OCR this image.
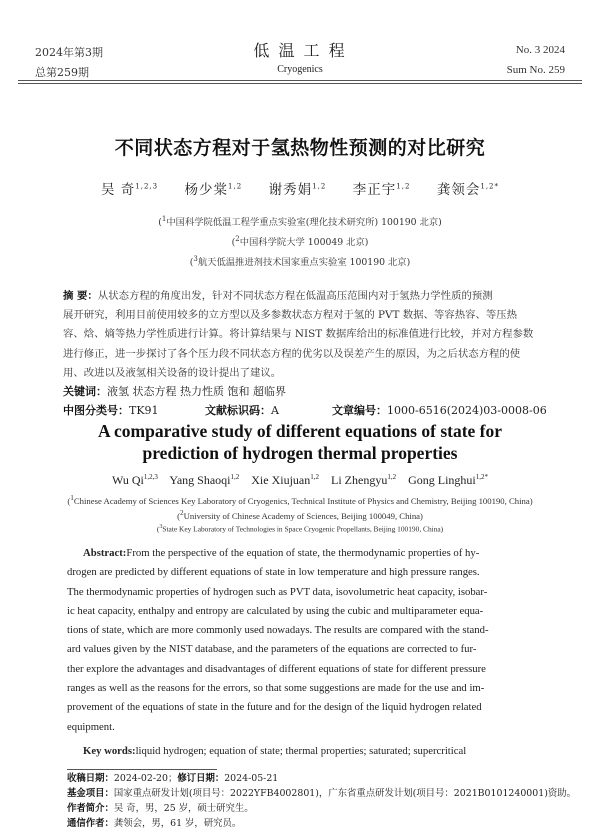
2024年第3期
总第259期
低 温 工 程
Cryogenics
No. 3 2024
Sum No. 259
不同状态方程对于氢热物性预测的对比研究
吴 奇$^{1,2,3}$ 杨少棠$^{1,2}$ 谢秀娟$^{1,2}$ 李正宇$^{1,2}$ 龚领会$^{1,2*}$
($^1$中国科学院低温工程学重点实验室(理化技术研究所) 100190 北京)
($^2$中国科学院大学 100049 北京)
($^3$航天低温推进剂技术国家重点实验室 100190 北京)
摘 要：从状态方程的角度出发，针对不同状态方程在低温高压范围内对于氢热力学性质的预测
展开研究，利用目前使用较多的立方型以及多参数状态方程对于氢的 PVT 数据、等容热容、等压热
容、焓、熵等热力学性质进行计算。将计算结果与 NIST 数据库给出的标准值进行比较，并对方程参数
进行修正，进一步探讨了各个压力段不同状态方程的优劣以及误差产生的原因，为之后状态方程的使
用、改进以及液氢相关设备的设计提出了建议。
关键词：液氢 状态方程 热力性质 饱和 超临界
中图分类号：TK91	文献标识码：A	文章编号：1000-6516(2024)03-0008-06
A comparative study of different equations of state for
prediction of hydrogen thermal properties
Wu Qi$^{1,2,3}$ Yang Shaoqi$^{1,2}$ Xie Xiujuan$^{1,2}$ Li Zhengyu$^{1,2}$ Gong Linghui$^{1,2*}$
($^1$Chinese Academy of Sciences Key Laboratory of Cryogenics, Technical Institute of Physics and Chemistry, Beijing 100190, China)
($^2$University of Chinese Academy of Sciences, Beijing 100049, China)
($^3$State Key Laboratory of Technologies in Space Cryogenic Propellants, Beijing 100190, China)
Abstract:From the perspective of the equation of state, the thermodynamic properties of hy-
drogen are predicted by different equations of state in low temperature and high pressure ranges.
The thermodynamic properties of hydrogen such as PVT data, isovolumetric heat capacity, isobar-
ic heat capacity, enthalpy and entropy are calculated by using the cubic and multiparameter equa-
tions of state, which are more commonly used nowadays. The results are compared with the stand-
ard values given by the NIST database, and the parameters of the equations are corrected to fur-
ther explore the advantages and disadvantages of different equations of state for different pressure
ranges as well as the reasons for the errors, so that some suggestions are made for the use and im-
provement of the equations of state in the future and for the design of the liquid hydrogen related
equipment.
Key words:liquid hydrogen; equation of state; thermal properties; saturated; supercritical
收稿日期：2024-02-20；修订日期：2024-05-21
基金项目：国家重点研发计划(项目号：2022YFB4002801)，广东省重点研发计划(项目号：2021B0101240001)资助。
作者简介：吴 奇，男，25 岁，硕士研究生。
通信作者：龚领会，男，61 岁，研究员。
